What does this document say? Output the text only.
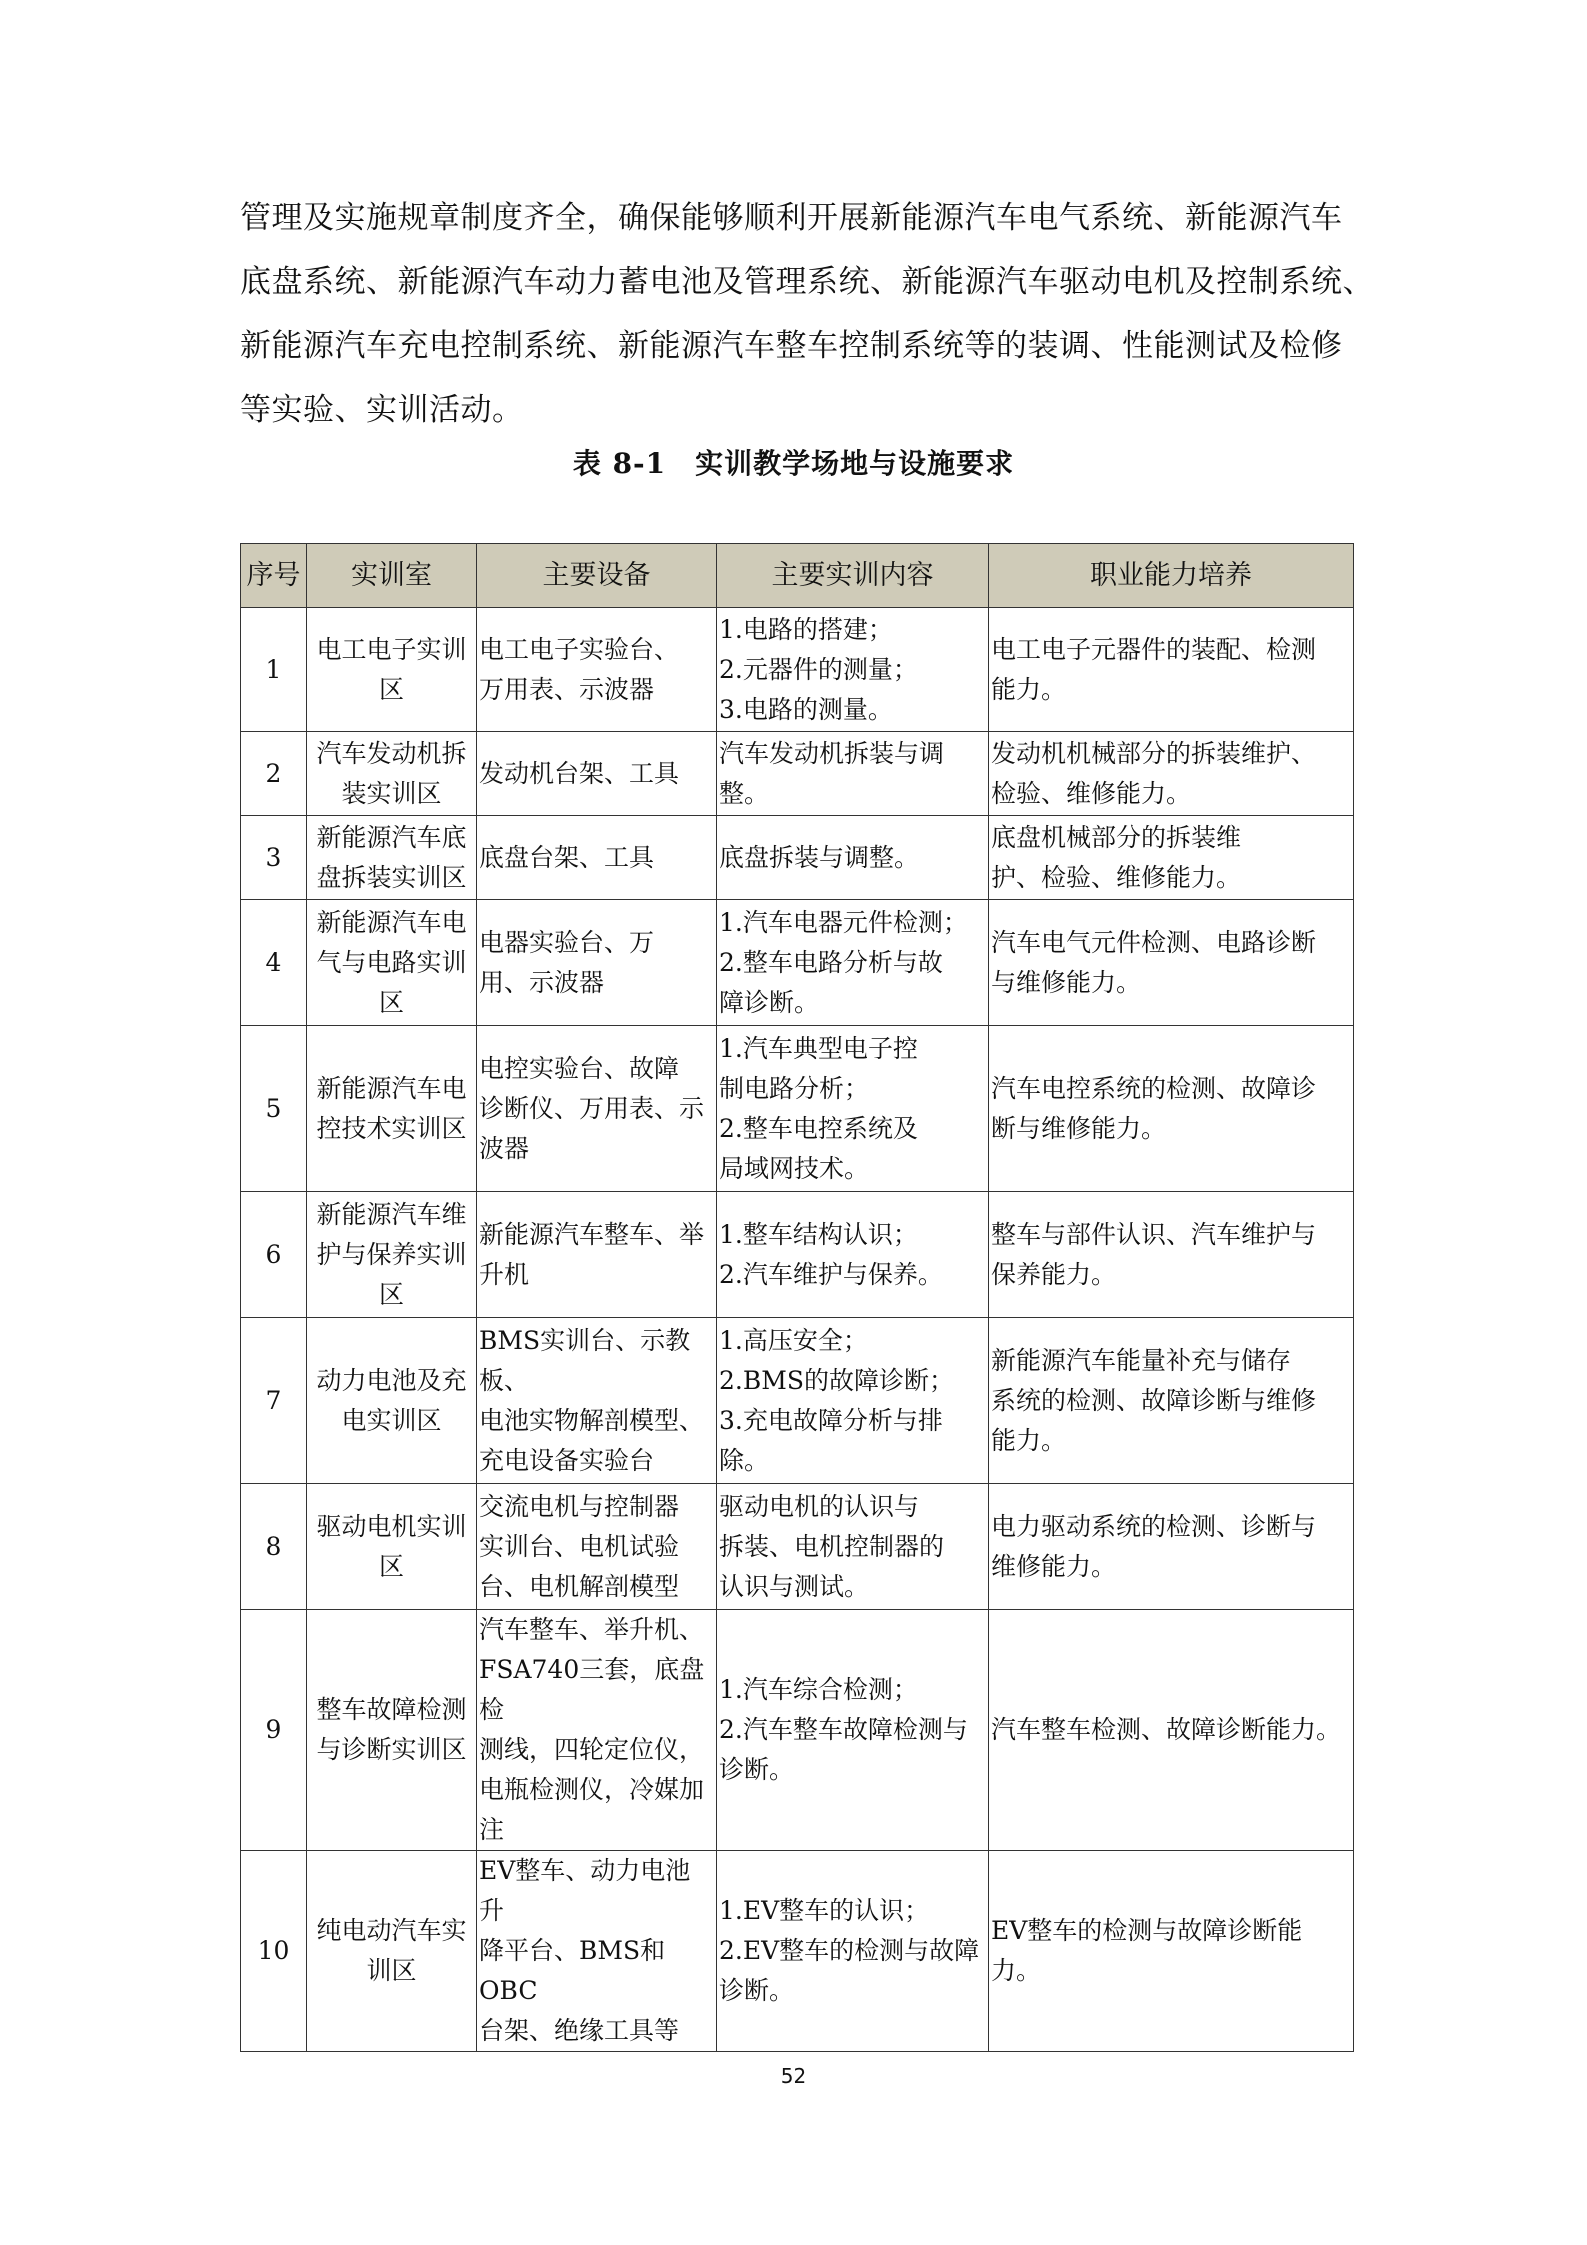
管理及实施规章制度齐全，确保能够顺利开展新能源汽车电气系统、新能源汽车

底盘系统、新能源汽车动力蓄电池及管理系统、新能源汽车驱动电机及控制系统、

新能源汽车充电控制系统、新能源汽车整车控制系统等的装调、性能测试及检修

等实验、实训活动。

表 8-1　实训教学场地与设施要求
序号	实训室	主要设备	主要实训内容	职业能力培养
1	电工电子实训
区	电工电子实验台、
万用表、示波器	1.电路的搭建；
2.元器件的测量；
3.电路的测量。	电工电子元器件的装配、检测
能力。

2	汽车发动机拆
装实训区	发动机台架、工具	汽车发动机拆装与调
整。	发动机机械部分的拆装维护、
检验、维修能力。

3	新能源汽车底
盘拆装实训区	底盘台架、工具	底盘拆装与调整。	底盘机械部分的拆装维
护、检验、维修能力。

4	新能源汽车电
气与电路实训
区	电器实验台、万
用、示波器	1.汽车电器元件检测；
2.整车电路分析与故
障诊断。	汽车电气元件检测、电路诊断
与维修能力。

5	新能源汽车电
控技术实训区	电控实验台、故障
诊断仪、万用表、示
波器	1.汽车典型电子控
制电路分析；
2.整车电控系统及
局域网技术。	汽车电控系统的检测、故障诊
断与维修能力。

6	新能源汽车维
护与保养实训
区	新能源汽车整车、举
升机	1.整车结构认识；
2.汽车维护与保养。	整车与部件认识、汽车维护与
保养能力。

7	动力电池及充
电实训区	BMS实训台、示教板、
电池实物解剖模型、
充电设备实验台	1.高压安全；
2.BMS的故障诊断；
3.充电故障分析与排
除。	新能源汽车能量补充与储存
系统的检测、故障诊断与维修
能力。

8	驱动电机实训
区	交流电机与控制器
实训台、电机试验
台、电机解剖模型	驱动电机的认识与
拆装、电机控制器的
认识与测试。	电力驱动系统的检测、诊断与
维修能力。

9	整车故障检测
与诊断实训区	汽车整车、举升机、
FSA740三套，底盘检
测线，四轮定位仪，
电瓶检测仪，冷媒加
注	1.汽车综合检测；
2.汽车整车故障检测与
诊断。	汽车整车检测、故障诊断能力。

10	纯电动汽车实
训区	EV整车、动力电池升
降平台、BMS和OBC
台架、绝缘工具等	1.EV整车的认识；
2.EV整车的检测与故障
诊断。	EV整车的检测与故障诊断能力。
52
